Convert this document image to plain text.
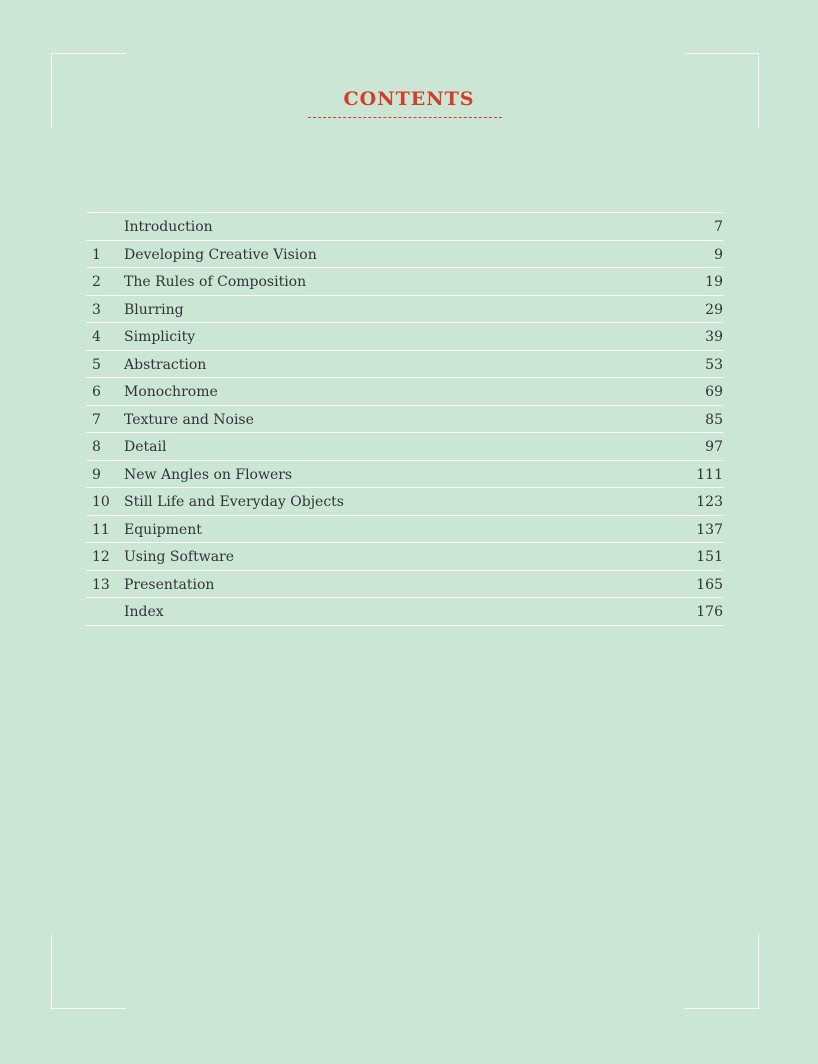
CONTENTS
Introduction	7
1 Developing Creative Vision	9
2 The Rules of Composition	19
3 Blurring	29
4 Simplicity	39
5 Abstraction	53
6 Monochrome	69
7 Texture and Noise	85
8 Detail	97
9 New Angles on Flowers	111
10 Still Life and Everyday Objects	123
11 Equipment	137
12 Using Software	151
13 Presentation	165
Index	176
